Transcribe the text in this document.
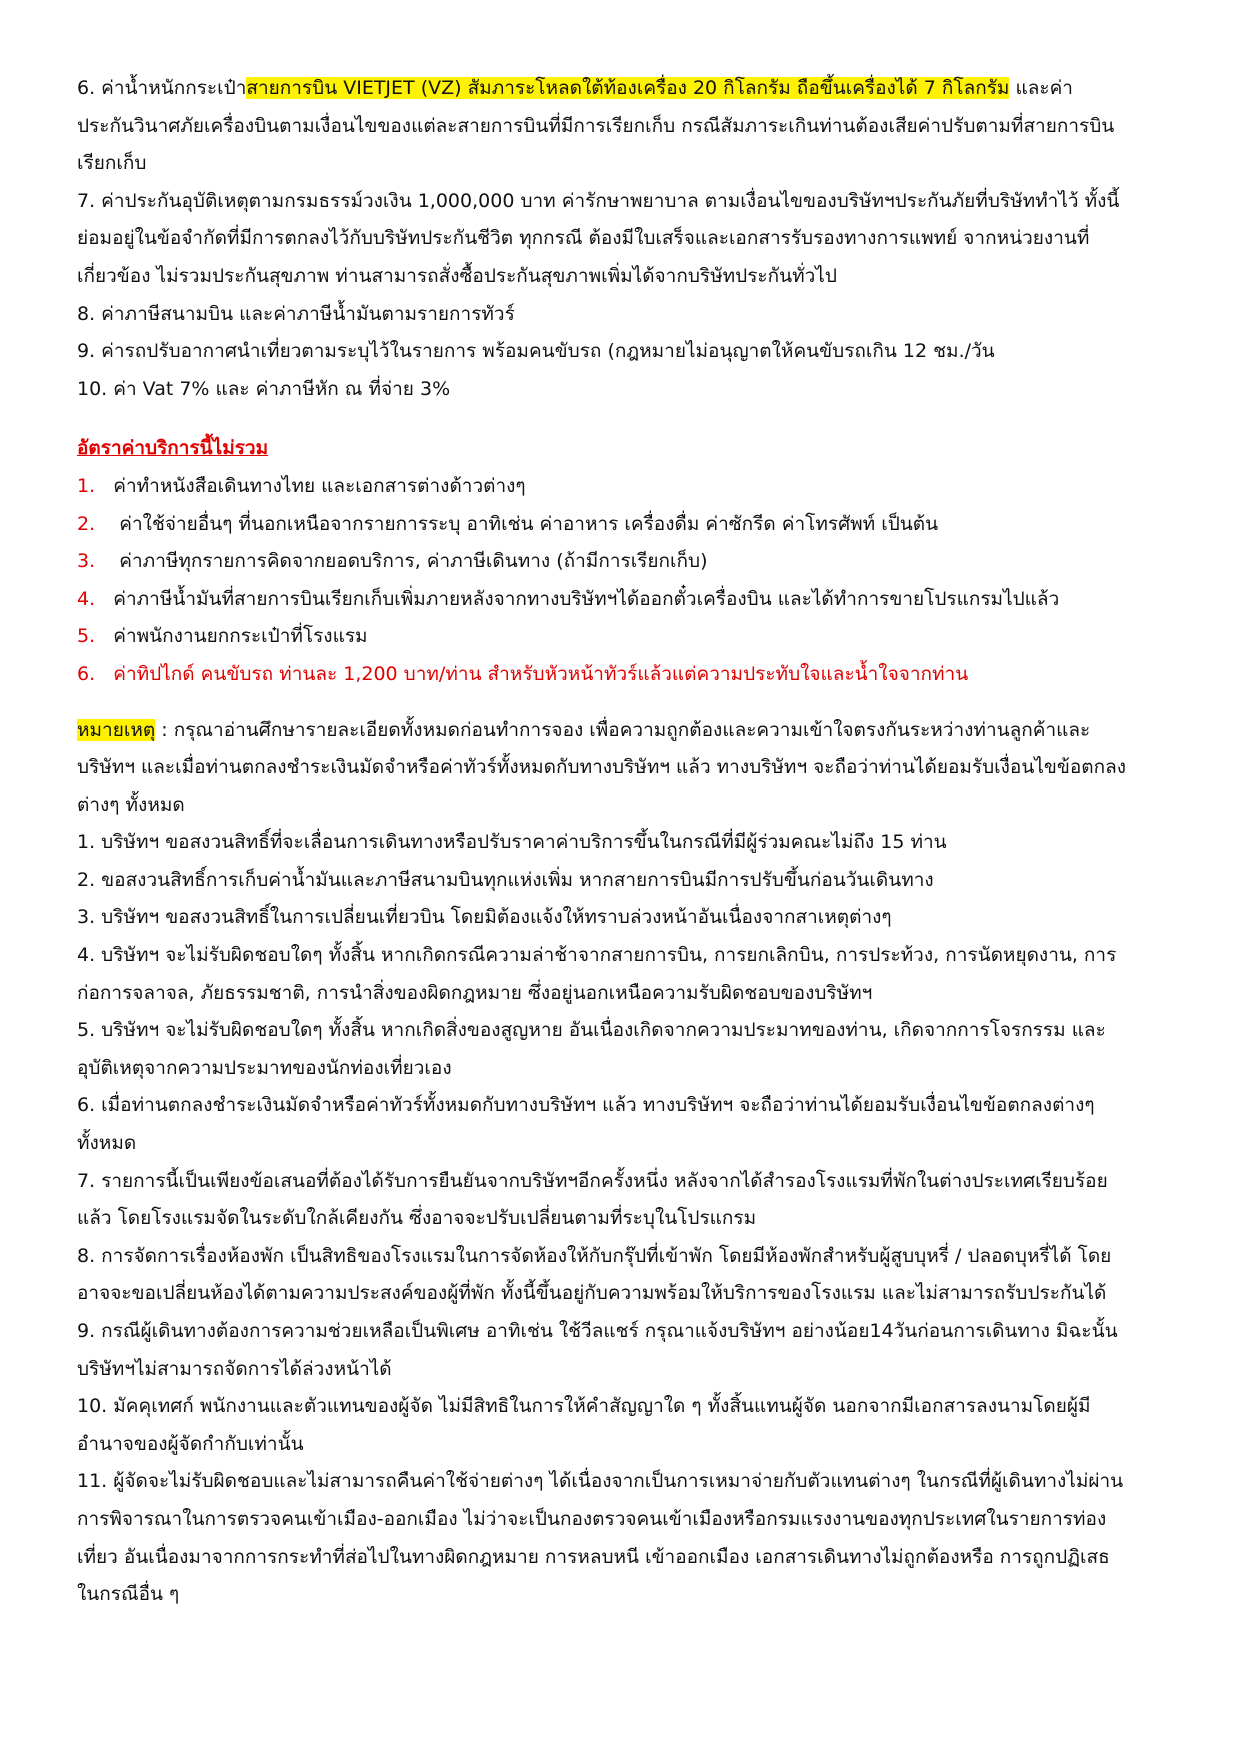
6. ค่าน้ำหนักกระเป๋าสายการบิน VIETJET (VZ) สัมภาระโหลดใต้ท้องเครื่อง 20 กิโลกรัม ถือขึ้นเครื่องได้ 7 กิโลกรัม และค่าประกันวินาศภัยเครื่องบินตามเงื่อนไขของแต่ละสายการบินที่มีการเรียกเก็บ กรณีสัมภาระเกินท่านต้องเสียค่าปรับตามที่สายการบินเรียกเก็บ

7. ค่าประกันอุบัติเหตุตามกรมธรรม์วงเงิน 1,000,000 บาท ค่ารักษาพยาบาล ตามเงื่อนไขของบริษัทฯประกันภัยที่บริษัททำไว้ ทั้งนี้ย่อมอยู่ในข้อจำกัดที่มีการตกลงไว้กับบริษัทประกันชีวิต ทุกกรณี ต้องมีใบเสร็จและเอกสารรับรองทางการแพทย์ จากหน่วยงานที่เกี่ยวข้อง ไม่รวมประกันสุขภาพ ท่านสามารถสั่งซื้อประกันสุขภาพเพิ่มได้จากบริษัทประกันทั่วไป

8. ค่าภาษีสนามบิน และค่าภาษีน้ำมันตามรายการทัวร์

9. ค่ารถปรับอากาศนำเที่ยวตามระบุไว้ในรายการ พร้อมคนขับรถ (กฎหมายไม่อนุญาตให้คนขับรถเกิน 12 ชม./วัน

10. ค่า Vat 7% และ ค่าภาษีหัก ณ ที่จ่าย 3%

อัตราค่าบริการนี้ไม่รวม

1. ค่าทำหนังสือเดินทางไทย และเอกสารต่างด้าวต่างๆ

2.    ค่าใช้จ่ายอื่นๆ ที่นอกเหนือจากรายการระบุ อาทิเช่น ค่าอาหาร เครื่องดื่ม ค่าซักรีด ค่าโทรศัพท์ เป็นต้น

3.    ค่าภาษีทุกรายการคิดจากยอดบริการ, ค่าภาษีเดินทาง (ถ้ามีการเรียกเก็บ)

4. ค่าภาษีน้ำมันที่สายการบินเรียกเก็บเพิ่มภายหลังจากทางบริษัทฯได้ออกตั๋วเครื่องบิน และได้ทำการขายโปรแกรมไปแล้ว

5. ค่าพนักงานยกกระเป๋าที่โรงแรม

6. ค่าทิปไกด์ คนขับรถ ท่านละ 1,200 บาท/ท่าน สำหรับหัวหน้าทัวร์แล้วแต่ความประทับใจและน้ำใจจากท่าน

หมายเหตุ : กรุณาอ่านศึกษารายละเอียดทั้งหมดก่อนทำการจอง เพื่อความถูกต้องและความเข้าใจตรงกันระหว่างท่านลูกค้าและบริษัทฯ และเมื่อท่านตกลงชำระเงินมัดจำหรือค่าทัวร์ทั้งหมดกับทางบริษัทฯ แล้ว ทางบริษัทฯ จะถือว่าท่านได้ยอมรับเงื่อนไขข้อตกลงต่างๆ ทั้งหมด

1. บริษัทฯ ขอสงวนสิทธิ์ที่จะเลื่อนการเดินทางหรือปรับราคาค่าบริการขึ้นในกรณีที่มีผู้ร่วมคณะไม่ถึง 15 ท่าน

2. ขอสงวนสิทธิ์การเก็บค่าน้ำมันและภาษีสนามบินทุกแห่งเพิ่ม หากสายการบินมีการปรับขึ้นก่อนวันเดินทาง

3. บริษัทฯ ขอสงวนสิทธิ์ในการเปลี่ยนเที่ยวบิน โดยมิต้องแจ้งให้ทราบล่วงหน้าอันเนื่องจากสาเหตุต่างๆ

4. บริษัทฯ จะไม่รับผิดชอบใดๆ ทั้งสิ้น หากเกิดกรณีความล่าช้าจากสายการบิน, การยกเลิกบิน, การประท้วง, การนัดหยุดงาน, การก่อการจลาจล, ภัยธรรมชาติ, การนำสิ่งของผิดกฎหมาย ซึ่งอยู่นอกเหนือความรับผิดชอบของบริษัทฯ

5. บริษัทฯ จะไม่รับผิดชอบใดๆ ทั้งสิ้น หากเกิดสิ่งของสูญหาย อันเนื่องเกิดจากความประมาทของท่าน, เกิดจากการโจรกรรม และ อุบัติเหตุจากความประมาทของนักท่องเที่ยวเอง

6. เมื่อท่านตกลงชำระเงินมัดจำหรือค่าทัวร์ทั้งหมดกับทางบริษัทฯ แล้ว ทางบริษัทฯ จะถือว่าท่านได้ยอมรับเงื่อนไขข้อตกลงต่างๆ ทั้งหมด

7. รายการนี้เป็นเพียงข้อเสนอที่ต้องได้รับการยืนยันจากบริษัทฯอีกครั้งหนึ่ง หลังจากได้สำรองโรงแรมที่พักในต่างประเทศเรียบร้อยแล้ว โดยโรงแรมจัดในระดับใกล้เคียงกัน ซึ่งอาจจะปรับเปลี่ยนตามที่ระบุในโปรแกรม

8. การจัดการเรื่องห้องพัก เป็นสิทธิของโรงแรมในการจัดห้องให้กับกรุ๊ปที่เข้าพัก โดยมีห้องพักสำหรับผู้สูบบุหรี่ / ปลอดบุหรี่ได้ โดยอาจจะขอเปลี่ยนห้องได้ตามความประสงค์ของผู้ที่พัก ทั้งนี้ขึ้นอยู่กับความพร้อมให้บริการของโรงแรม และไม่สามารถรับประกันได้

9. กรณีผู้เดินทางต้องการความช่วยเหลือเป็นพิเศษ อาทิเช่น ใช้วีลแชร์ กรุณาแจ้งบริษัทฯ อย่างน้อย14วันก่อนการเดินทาง มิฉะนั้น บริษัทฯไม่สามารถจัดการได้ล่วงหน้าได้

10. มัคคุเทศก์ พนักงานและตัวแทนของผู้จัด ไม่มีสิทธิในการให้คำสัญญาใด ๆ ทั้งสิ้นแทนผู้จัด นอกจากมีเอกสารลงนามโดยผู้มีอำนาจของผู้จัดกำกับเท่านั้น

11. ผู้จัดจะไม่รับผิดชอบและไม่สามารถคืนค่าใช้จ่ายต่างๆ ได้เนื่องจากเป็นการเหมาจ่ายกับตัวแทนต่างๆ ในกรณีที่ผู้เดินทางไม่ผ่านการพิจารณาในการตรวจคนเข้าเมือง-ออกเมือง ไม่ว่าจะเป็นกองตรวจคนเข้าเมืองหรือกรมแรงงานของทุกประเทศในรายการท่องเที่ยว อันเนื่องมาจากการกระทำที่ส่อไปในทางผิดกฎหมาย การหลบหนี เข้าออกเมือง เอกสารเดินทางไม่ถูกต้องหรือ การถูกปฏิเสธในกรณีอื่น ๆ
